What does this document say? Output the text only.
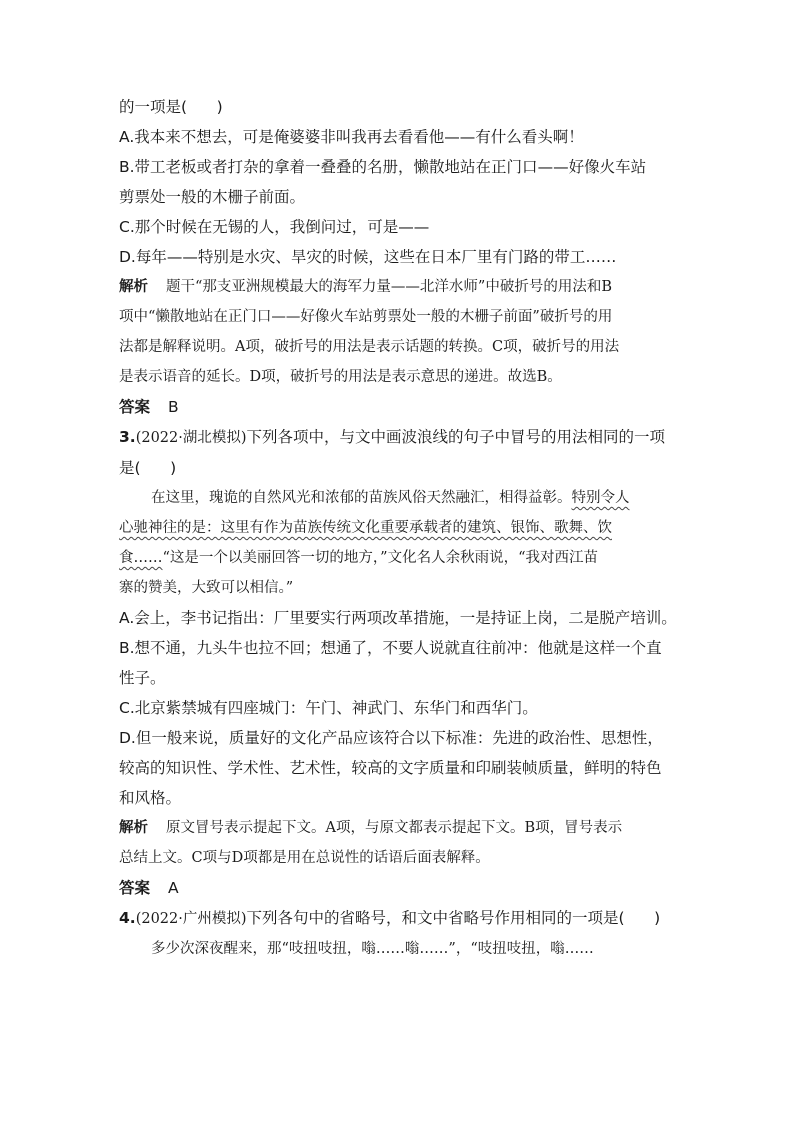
的一项是( )
A.我本来不想去，可是俺婆婆非叫我再去看看他——有什么看头啊！
B.带工老板或者打杂的拿着一叠叠的名册，懒散地站在正门口——好像火车站
剪票处一般的木栅子前面。
C.那个时候在无锡的人，我倒问过，可是——
D.每年——特别是水灾、旱灾的时候，这些在日本厂里有门路的带工……
解析 题干“那支亚洲规模最大的海军力量——北洋水师”中破折号的用法和B
项中“懒散地站在正门口——好像火车站剪票处一般的木栅子前面”破折号的用
法都是解释说明。A项，破折号的用法是表示话题的转换。C项，破折号的用法
是表示语音的延长。D项，破折号的用法是表示意思的递进。故选B。
答案 B
3.(2022·湖北模拟)下列各项中，与文中画波浪线的句子中冒号的用法相同的一项
是( )
在这里，瑰诡的自然风光和浓郁的苗族风俗天然融汇，相得益彰。特别令人
心驰神往的是：这里有作为苗族传统文化重要承载者的建筑、银饰、歌舞、饮
食……“这是一个以美丽回答一切的地方，”文化名人余秋雨说，“我对西江苗
寨的赞美，大致可以相信。”
A.会上，李书记指出：厂里要实行两项改革措施，一是持证上岗，二是脱产培训。
B.想不通，九头牛也拉不回；想通了，不要人说就直往前冲：他就是这样一个直
性子。
C.北京紫禁城有四座城门：午门、神武门、东华门和西华门。
D.但一般来说，质量好的文化产品应该符合以下标准：先进的政治性、思想性，
较高的知识性、学术性、艺术性，较高的文字质量和印刷装帧质量，鲜明的特色
和风格。
解析 原文冒号表示提起下文。A项，与原文都表示提起下文。B项，冒号表示
总结上文。C项与D项都是用在总说性的话语后面表解释。
答案 A
4.(2022·广州模拟)下列各句中的省略号，和文中省略号作用相同的一项是( )
多少次深夜醒来，那“吱扭吱扭，嗡……嗡……”，“吱扭吱扭，嗡……
